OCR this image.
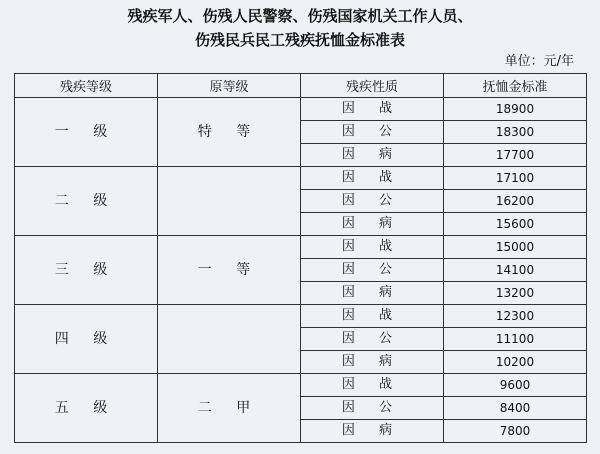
残疾军人、伤残人民警察、伤残国家机关工作人员、
伤残民兵民工残疾抚恤金标准表
单位：元/年
残疾等级	原等级	残疾性质	抚恤金标准
一 级	特 等	因 战	18900
		因 公	18300
		因 病	17700
二 级		因 战	17100
		因 公	16200
		因 病	15600
三 级	一 等	因 战	15000
		因 公	14100
		因 病	13200
四 级		因 战	12300
		因 公	11100
		因 病	10200
五 级	二 甲	因 战	9600
		因 公	8400
		因 病	7800
